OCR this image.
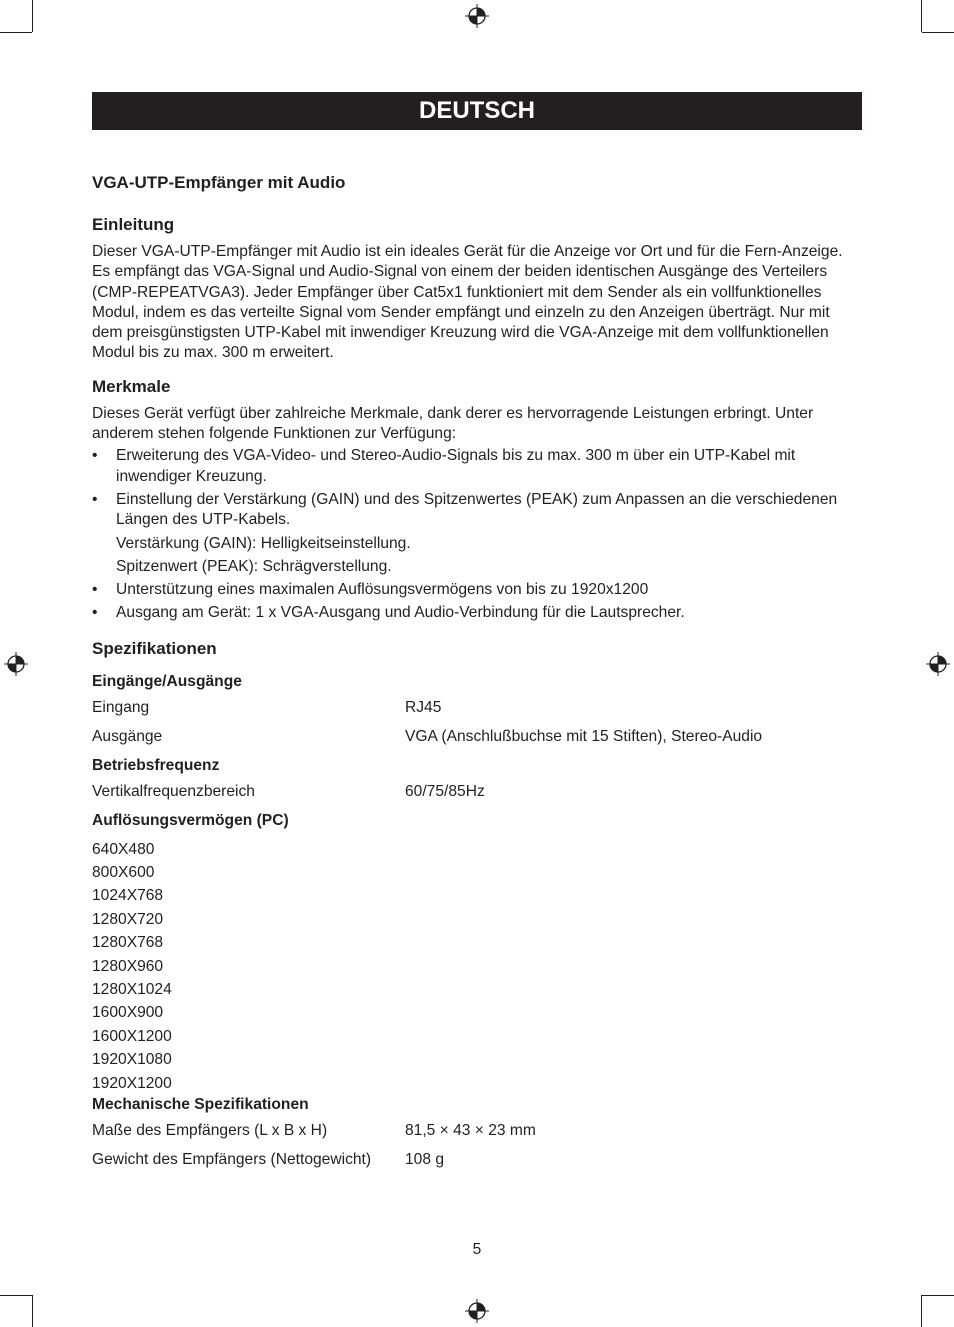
DEUTSCH
VGA-UTP-Empfänger mit Audio
Einleitung

Dieser VGA-UTP-Empfänger mit Audio ist ein ideales Gerät für die Anzeige vor Ort und für die Fern-Anzeige. Es empfängt das VGA-Signal und Audio-Signal von einem der beiden identischen Ausgänge des Verteilers (CMP-REPEATVGA3). Jeder Empfänger über Cat5x1 funktioniert mit dem Sender als ein vollfunktionelles Modul, indem es das verteilte Signal vom Sender empfängt und einzeln zu den Anzeigen überträgt. Nur mit dem preisgünstigsten UTP-Kabel mit inwendiger Kreuzung wird die VGA-Anzeige mit dem vollfunktionellen Modul bis zu max. 300 m erweitert.

Merkmale

Dieses Gerät verfügt über zahlreiche Merkmale, dank derer es hervorragende Leistungen erbringt. Unter anderem stehen folgende Funktionen zur Verfügung:

• Erweiterung des VGA-Video- und Stereo-Audio-Signals bis zu max. 300 m über ein UTP-Kabel mit inwendiger Kreuzung.
• Einstellung der Verstärkung (GAIN) und des Spitzenwertes (PEAK) zum Anpassen an die verschiedenen Längen des UTP-Kabels.
Verstärkung (GAIN): Helligkeitseinstellung.
Spitzenwert (PEAK): Schrägverstellung.
• Unterstützung eines maximalen Auflösungsvermögens von bis zu 1920x1200
• Ausgang am Gerät: 1 x VGA-Ausgang und Audio-Verbindung für die Lautsprecher.
Spezifikationen
Eingänge/Ausgänge
Eingang	RJ45
Ausgänge	VGA (Anschlußbuchse mit 15 Stiften), Stereo-Audio
Betriebsfrequenz
Vertikalfrequenzbereich	60/75/85Hz
Auflösungsvermögen (PC)
640X480
800X600
1024X768
1280X720
1280X768
1280X960
1280X1024
1600X900
1600X1200
1920X1080
1920X1200
Mechanische Spezifikationen
Maße des Empfängers (L x B x H)	81,5 × 43 × 23 mm
Gewicht des Empfängers (Nettogewicht)	108 g
5
